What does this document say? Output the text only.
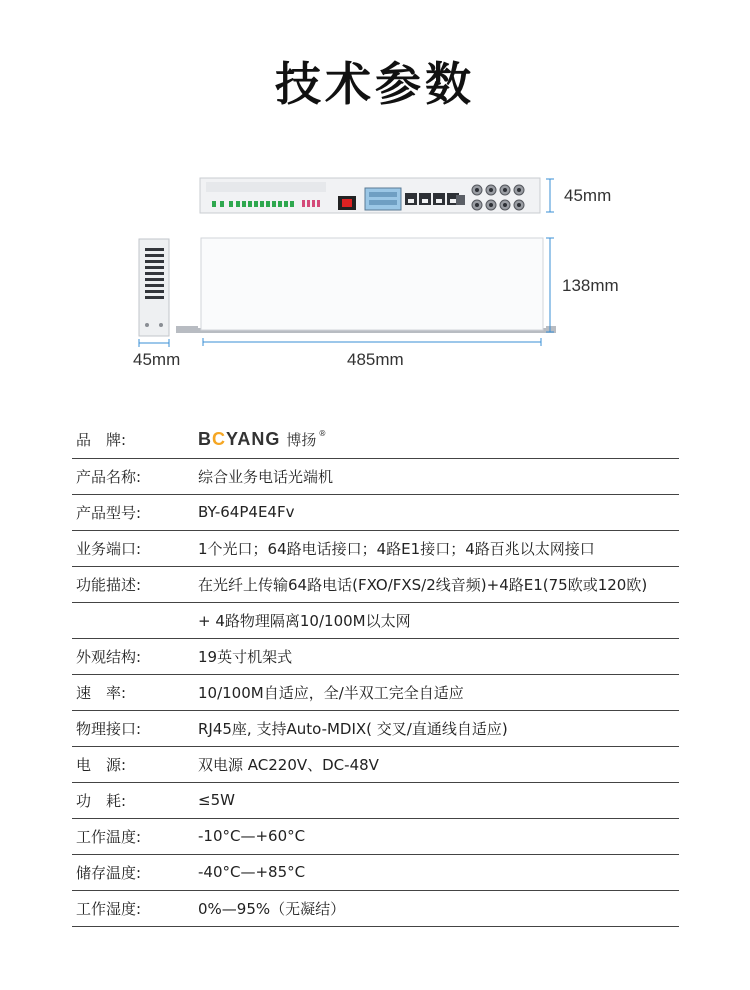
技术参数
45mm
138mm
45mm	485mm
品　牌:	BCYANG 博扬 ®

产品名称:	综合业务电话光端机
产品型号:	BY-64P4E4Fv
业务端口:	1个光口；64路电话接口；4路E1接口；4路百兆以太网接口
功能描述:	在光纤上传输64路电话(FXO/FXS/2线音频)+4路E1(75欧或120欧)
	+ 4路物理隔离10/100M以太网
外观结构:	19英寸机架式
速　率:	10/100M自适应，全/半双工完全自适应
物理接口:	RJ45座, 支持Auto-MDIX( 交叉/直通线自适应)
电　源:	双电源 AC220V、DC-48V
功　耗:	≤5W
工作温度:	-10°C—+60°C
储存温度:	-40°C—+85°C
工作湿度:	0%—95%（无凝结）
